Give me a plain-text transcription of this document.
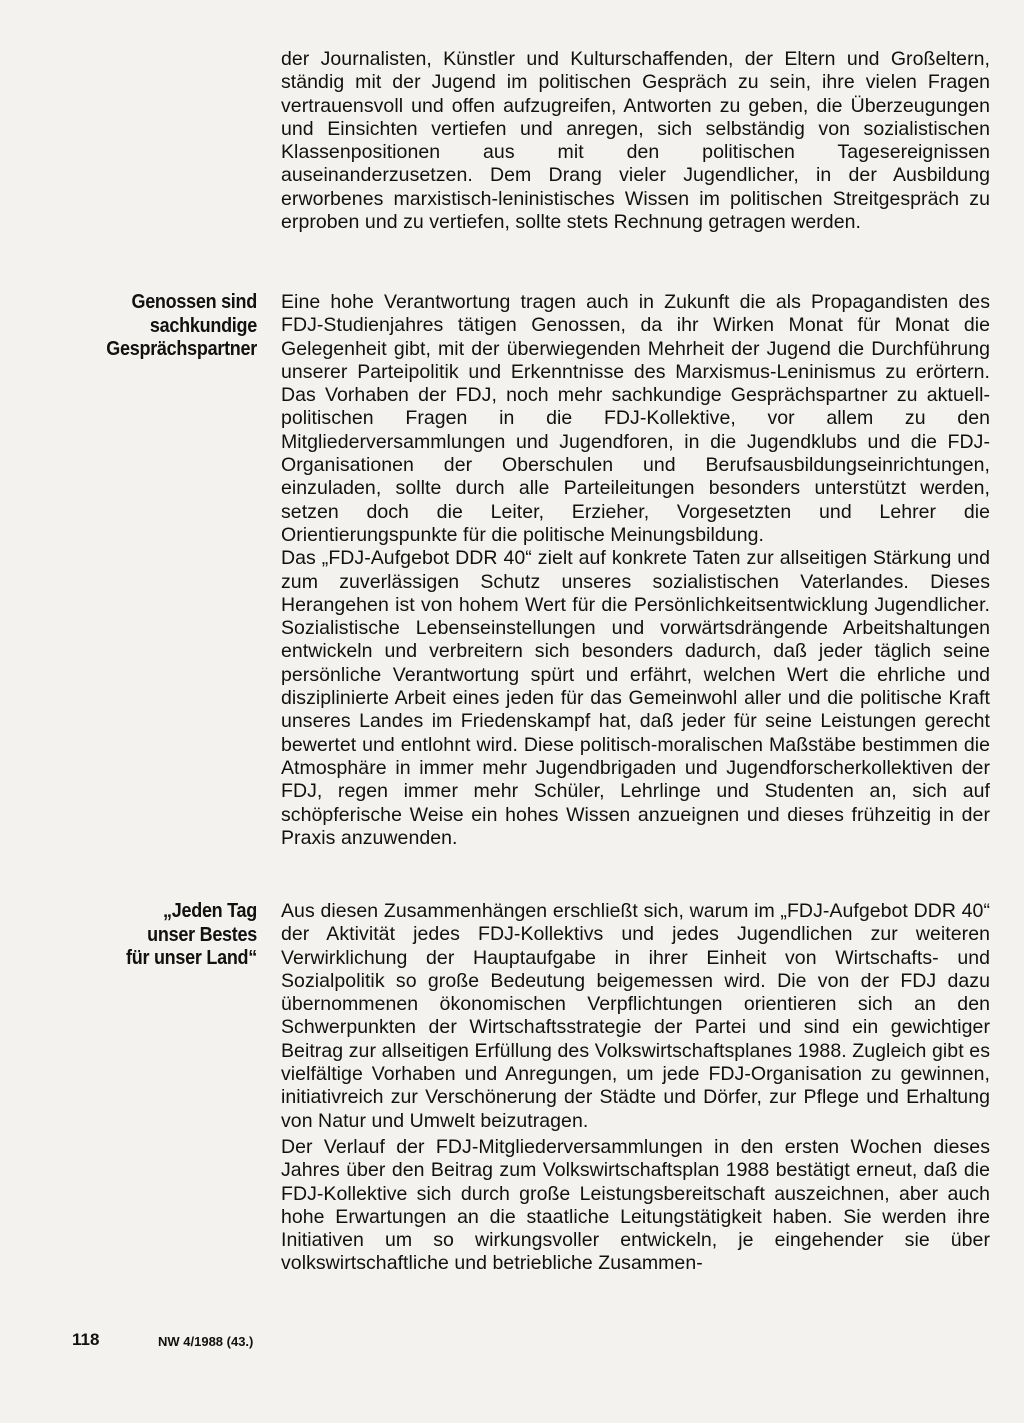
der Journalisten, Künstler und Kulturschaffenden, der Eltern und Großeltern, ständig mit der Jugend im politischen Gespräch zu sein, ihre vielen Fragen vertrauensvoll und offen aufzugreifen, Antworten zu geben, die Überzeugungen und Einsichten vertiefen und anregen, sich selbständig von sozialistischen Klassenpositionen aus mit den politischen Tagesereignissen auseinanderzusetzen. Dem Drang vieler Jugendlicher, in der Ausbildung erworbenes marxistisch-leninistisches Wissen im politischen Streitgespräch zu erproben und zu vertiefen, sollte stets Rechnung getragen werden.

Genossen sind
sachkundige
Gesprächspartner

Eine hohe Verantwortung tragen auch in Zukunft die als Propagandisten des FDJ-Studienjahres tätigen Genossen, da ihr Wirken Monat für Monat die Gelegenheit gibt, mit der überwiegenden Mehrheit der Jugend die Durchführung unserer Parteipolitik und Erkenntnisse des Marxismus-Leninismus zu erörtern. Das Vorhaben der FDJ, noch mehr sachkundige Gesprächspartner zu aktuell-politischen Fragen in die FDJ-Kollektive, vor allem zu den Mitgliederversammlungen und Jugendforen, in die Jugendklubs und die FDJ-Organisationen der Oberschulen und Berufsausbildungseinrichtungen, einzuladen, sollte durch alle Parteileitungen besonders unterstützt werden, setzen doch die Leiter, Erzieher, Vorgesetzten und Lehrer die Orientierungspunkte für die politische Meinungsbildung.

Das „FDJ-Aufgebot DDR 40“ zielt auf konkrete Taten zur allseitigen Stärkung und zum zuverlässigen Schutz unseres sozialistischen Vaterlandes. Dieses Herangehen ist von hohem Wert für die Persönlichkeitsentwicklung Jugendlicher. Sozialistische Lebenseinstellungen und vorwärtsdrängende Arbeitshaltungen entwickeln und verbreitern sich besonders dadurch, daß jeder täglich seine persönliche Verantwortung spürt und erfährt, welchen Wert die ehrliche und disziplinierte Arbeit eines jeden für das Gemeinwohl aller und die politische Kraft unseres Landes im Friedenskampf hat, daß jeder für seine Leistungen gerecht bewertet und entlohnt wird. Diese politisch-moralischen Maßstäbe bestimmen die Atmosphäre in immer mehr Jugendbrigaden und Jugendforscherkollektiven der FDJ, regen immer mehr Schüler, Lehrlinge und Studenten an, sich auf schöpferische Weise ein hohes Wissen anzueignen und dieses frühzeitig in der Praxis anzuwenden.

„Jeden Tag
unser Bestes
für unser Land“

Aus diesen Zusammenhängen erschließt sich, warum im „FDJ-Aufgebot DDR 40“ der Aktivität jedes FDJ-Kollektivs und jedes Jugendlichen zur weiteren Verwirklichung der Hauptaufgabe in ihrer Einheit von Wirtschafts- und Sozialpolitik so große Bedeutung beigemessen wird. Die von der FDJ dazu übernommenen ökonomischen Verpflichtungen orientieren sich an den Schwerpunkten der Wirtschaftsstrategie der Partei und sind ein gewichtiger Beitrag zur allseitigen Erfüllung des Volkswirtschaftsplanes 1988. Zugleich gibt es vielfältige Vorhaben und Anregungen, um jede FDJ-Organisation zu gewinnen, initiativreich zur Verschönerung der Städte und Dörfer, zur Pflege und Erhaltung von Natur und Umwelt beizutragen.

Der Verlauf der FDJ-Mitgliederversammlungen in den ersten Wochen dieses Jahres über den Beitrag zum Volkswirtschaftsplan 1988 bestätigt erneut, daß die FDJ-Kollektive sich durch große Leistungsbereitschaft auszeichnen, aber auch hohe Erwartungen an die staatliche Leitungstätigkeit haben. Sie werden ihre Initiativen um so wirkungsvoller entwickeln, je eingehender sie über volkswirtschaftliche und betriebliche Zusammen-

118	NW 4/1988 (43.)
